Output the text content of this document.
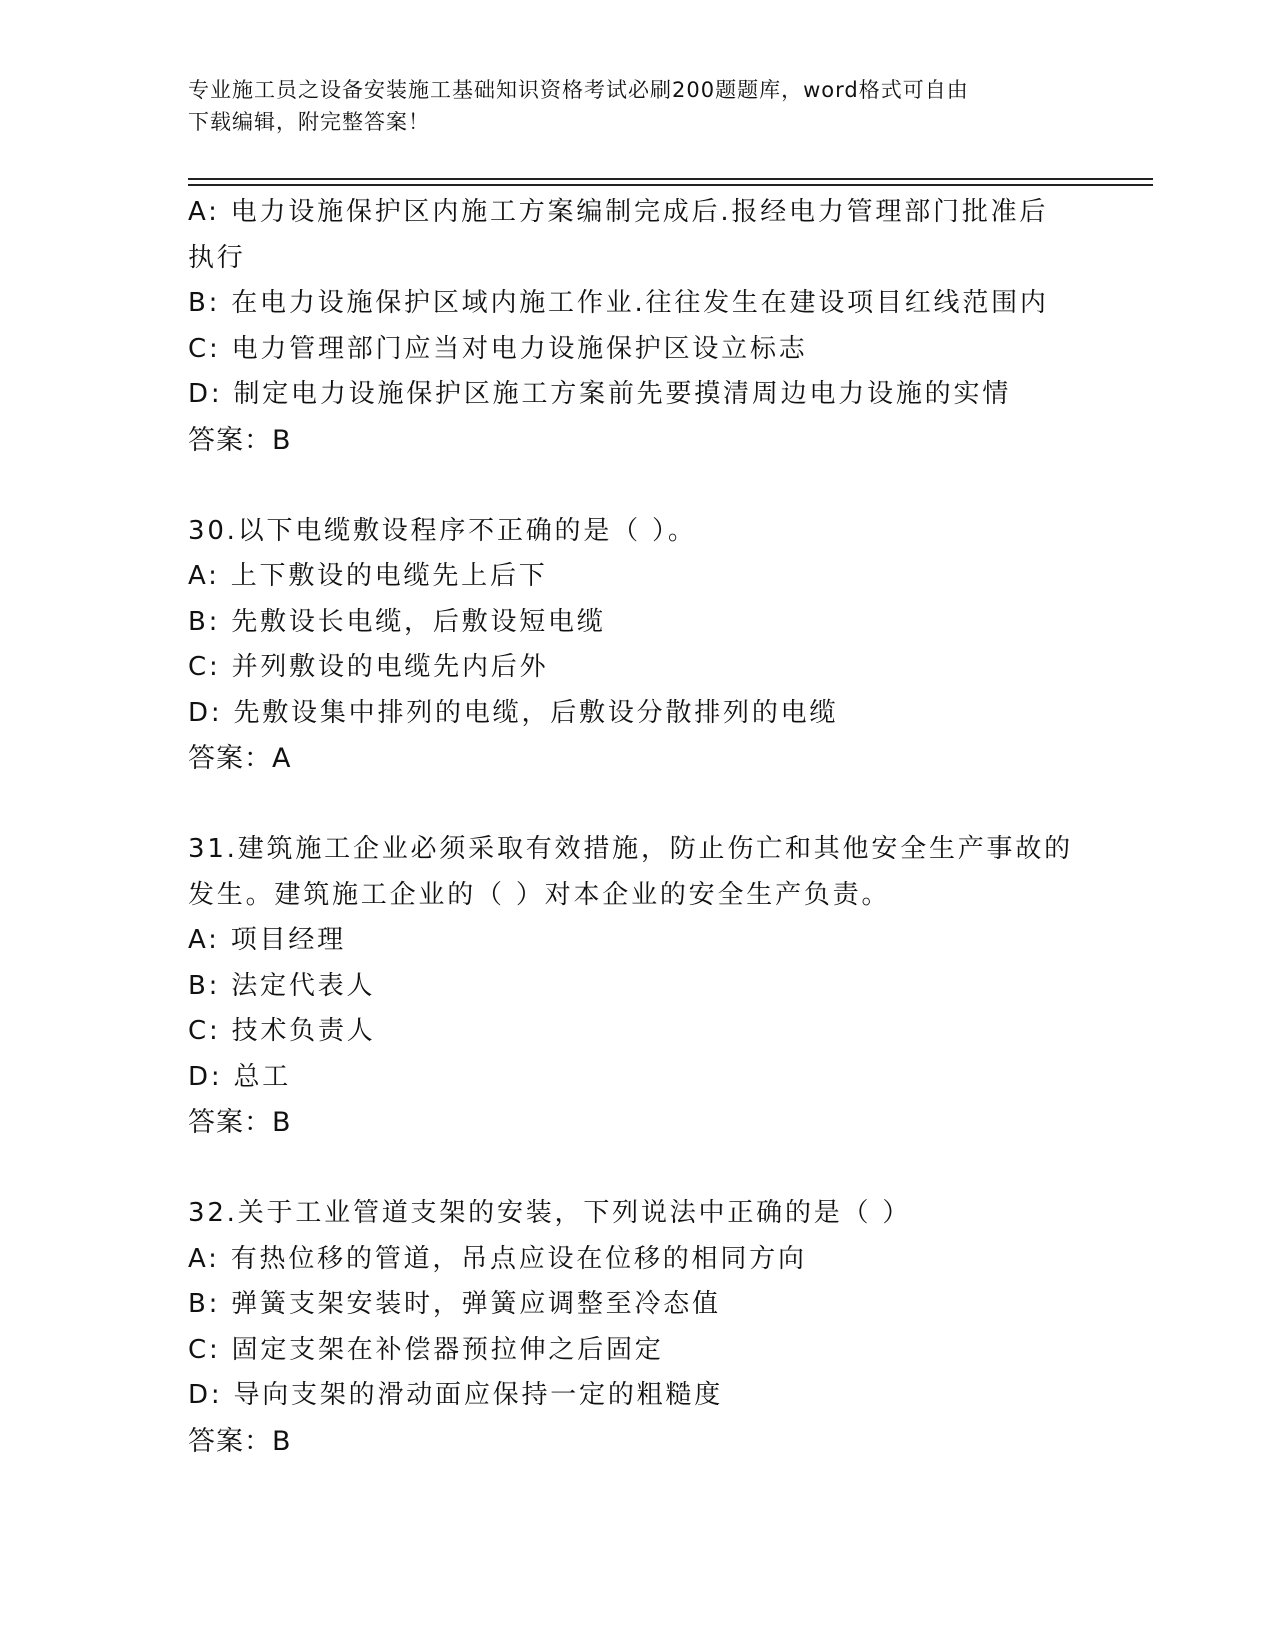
专业施工员之设备安装施工基础知识资格考试必刷200题题库，word格式可自由
下载编辑，附完整答案！
A: 电力设施保护区内施工方案编制完成后.报经电力管理部门批准后
执行
B: 在电力设施保护区域内施工作业.往往发生在建设项目红线范围内
C: 电力管理部门应当对电力设施保护区设立标志
D: 制定电力设施保护区施工方案前先要摸清周边电力设施的实情
答案：B
30.以下电缆敷设程序不正确的是（ ）。
A: 上下敷设的电缆先上后下
B: 先敷设长电缆，后敷设短电缆
C: 并列敷设的电缆先内后外
D: 先敷设集中排列的电缆，后敷设分散排列的电缆
答案：A
31.建筑施工企业必须采取有效措施，防止伤亡和其他安全生产事故的
发生。建筑施工企业的（ ）对本企业的安全生产负责。
A: 项目经理
B: 法定代表人
C: 技术负责人
D: 总工
答案：B
32.关于工业管道支架的安装，下列说法中正确的是（ ）
A: 有热位移的管道，吊点应设在位移的相同方向
B: 弹簧支架安装时，弹簧应调整至冷态值
C: 固定支架在补偿器预拉伸之后固定
D: 导向支架的滑动面应保持一定的粗糙度
答案：B
